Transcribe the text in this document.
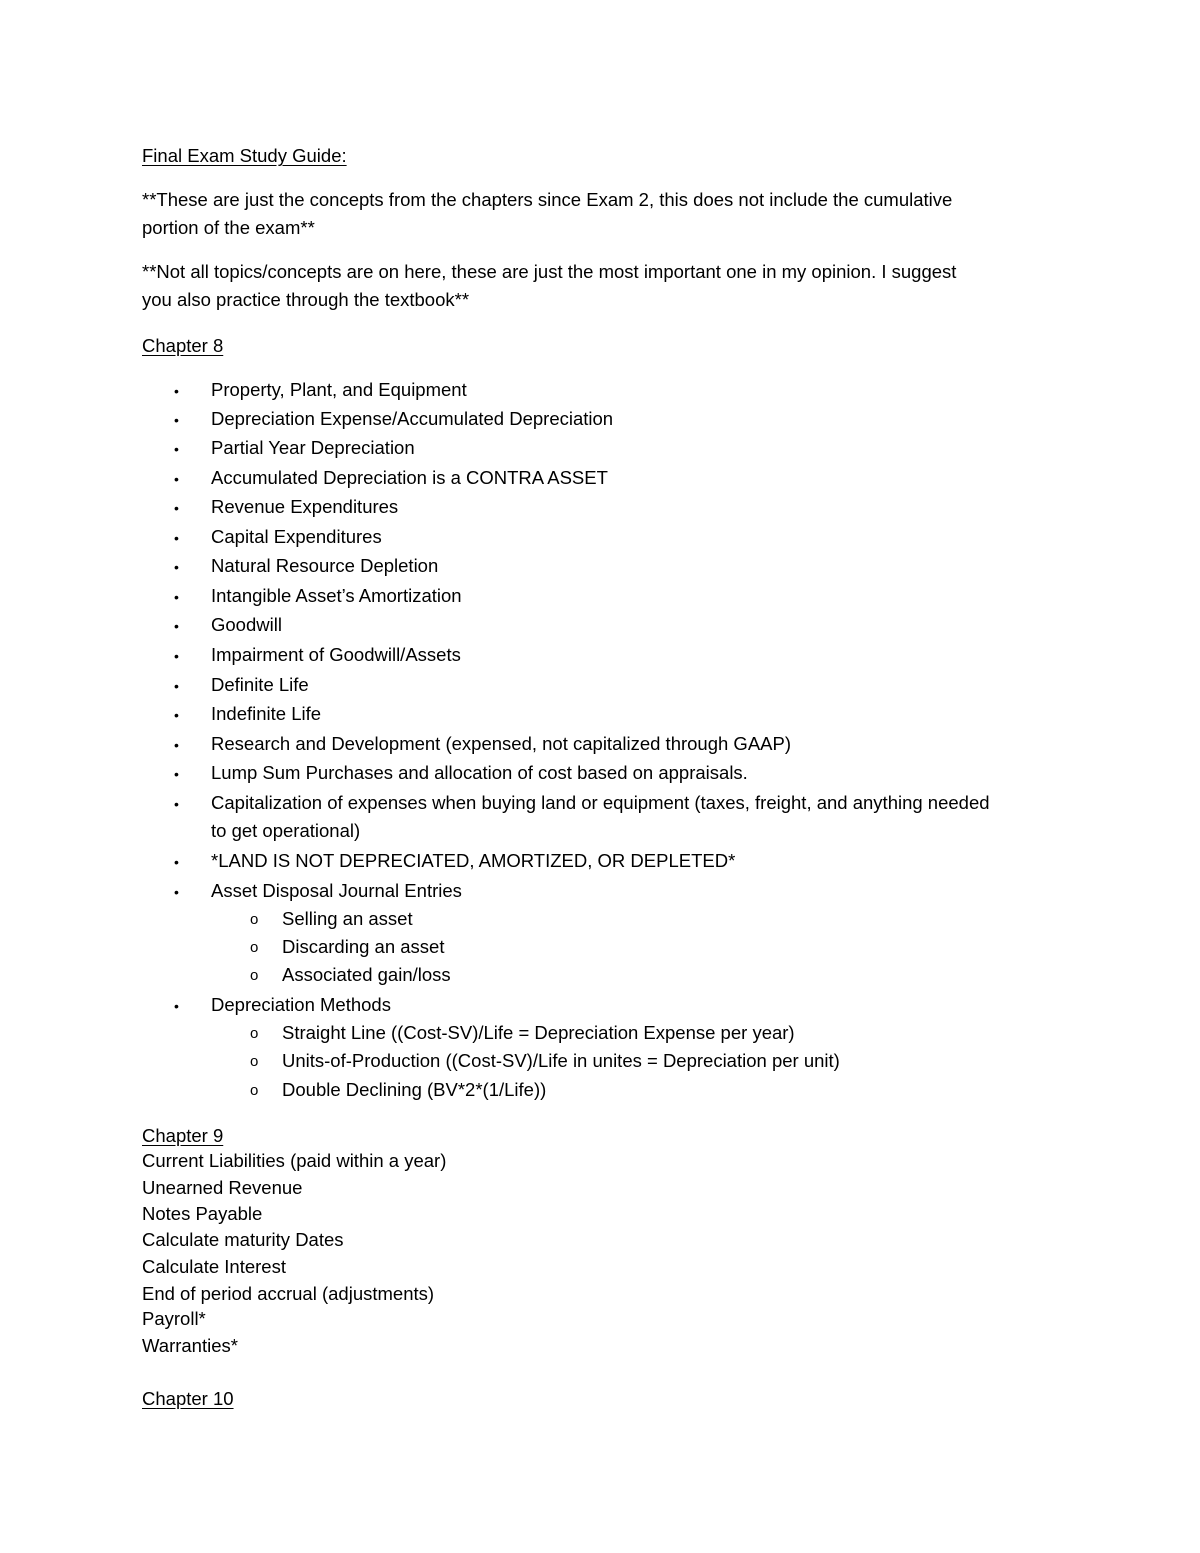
Final Exam Study Guide:
**These are just the concepts from the chapters since Exam 2, this does not include the cumulative
portion of the exam**
**Not all topics/concepts are on here, these are just the most important one in my opinion. I suggest
you also practice through the textbook**
Chapter 8
• Property, Plant, and Equipment
• Depreciation Expense/Accumulated Depreciation
• Partial Year Depreciation
• Accumulated Depreciation is a CONTRA ASSET
• Revenue Expenditures
• Capital Expenditures
• Natural Resource Depletion
• Intangible Asset’s Amortization
• Goodwill
• Impairment of Goodwill/Assets
• Definite Life
• Indefinite Life
• Research and Development (expensed, not capitalized through GAAP)
• Lump Sum Purchases and allocation of cost based on appraisals.
• Capitalization of expenses when buying land or equipment (taxes, freight, and anything needed
to get operational)
• *LAND IS NOT DEPRECIATED, AMORTIZED, OR DEPLETED*
• Asset Disposal Journal Entries
o Selling an asset
o Discarding an asset
o Associated gain/loss
• Depreciation Methods
o Straight Line ((Cost-SV)/Life = Depreciation Expense per year)
o Units-of-Production ((Cost-SV)/Life in unites = Depreciation per unit)
o Double Declining (BV*2*(1/Life))
Chapter 9
Current Liabilities (paid within a year)
Unearned Revenue
Notes Payable
Calculate maturity Dates
Calculate Interest
End of period accrual (adjustments)
Payroll*
Warranties*
Chapter 10
